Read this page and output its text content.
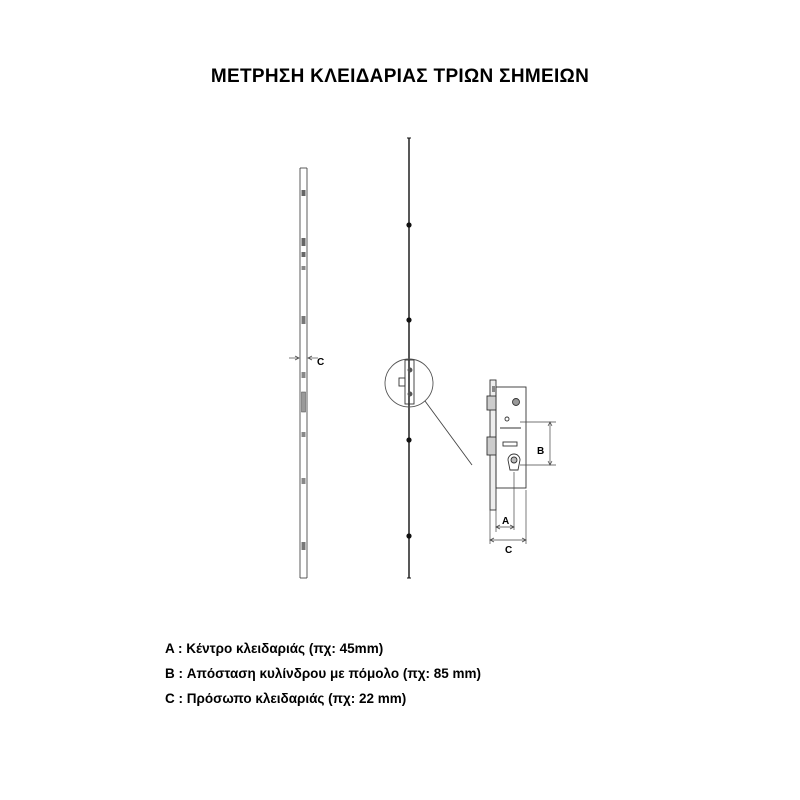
ΜΕΤΡΗΣΗ ΚΛΕΙΔΑΡΙΑΣ ΤΡΙΩΝ ΣΗΜΕΙΩΝ
C
B
A
C
A : Κέντρο κλειδαριάς (πχ: 45mm)
B : Απόσταση κυλίνδρου με πόμολο (πχ: 85 mm)
C : Πρόσωπο κλειδαριάς (πχ: 22 mm)
